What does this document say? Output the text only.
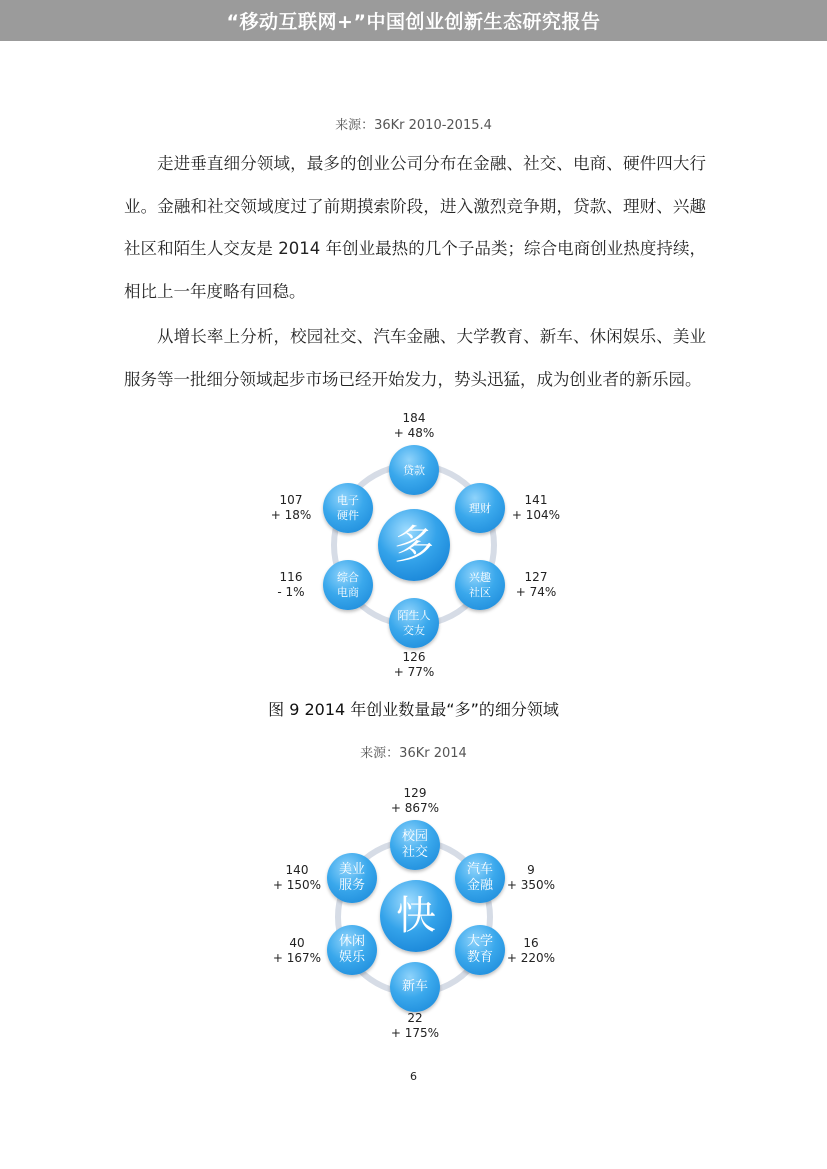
“移动互联网+”中国创业创新生态研究报告
来源：36Kr 2010-2015.4

走进垂直细分领域，最多的创业公司分布在金融、社交、电商、硬件四大行业。金融和社交领域度过了前期摸索阶段，进入激烈竞争期，贷款、理财、兴趣社区和陌生人交友是 2014 年创业最热的几个子品类；综合电商创业热度持续，相比上一年度略有回稳。

从增长率上分析，校园社交、汽车金融、大学教育、新车、休闲娱乐、美业服务等一批细分领域起步市场已经开始发力，势头迅猛，成为创业者的新乐园。

多
贷款
184
+ 48%
理财
141
+ 104%
兴趣
社区
127
+ 74%
陌生人
交友
126
+ 77%
综合
电商
116
- 1%
电子
硬件
107
+ 18%
图 9 2014 年创业数量最“多”的细分领域
来源：36Kr 2014
快
校园
社交
129
+ 867%
汽车
金融
9
+ 350%
大学
教育
16
+ 220%
新车
22
+ 175%
休闲
娱乐
40
+ 167%
美业
服务
140
+ 150%
6
